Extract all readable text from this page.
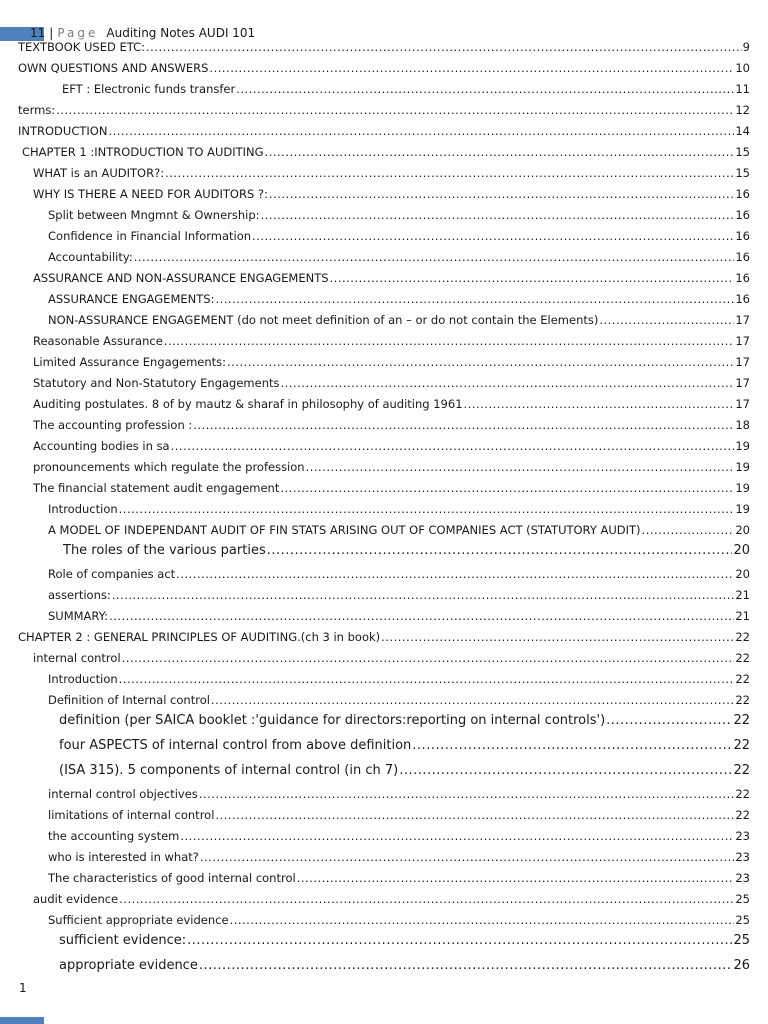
11 | Page Auditing Notes AUDI 101
TEXTBOOK USED ETC: .....	9
OWN QUESTIONS AND ANSWERS .....	10
EFT : Electronic funds transfer .....	11
terms: .....	12
INTRODUCTION .....	14
CHAPTER 1 :INTRODUCTION TO AUDITING .....	15
WHAT is an AUDITOR?: .....	15
WHY IS THERE A NEED FOR AUDITORS ?: .....	16
Split between Mngmnt & Ownership: .....	16
Confidence in Financial Information .....	16
Accountability: .....	16
ASSURANCE AND NON-ASSURANCE ENGAGEMENTS .....	16
ASSURANCE ENGAGEMENTS: .....	16
NON-ASSURANCE ENGAGEMENT (do not meet definition of an – or do not contain the Elements) .....	17
Reasonable Assurance .....	17
Limited Assurance Engagements: .....	17
Statutory and Non-Statutory Engagements .....	17
Auditing postulates. 8 of by mautz & sharaf in philosophy of auditing 1961 .....	17
The accounting profession : .....	18
Accounting bodies in sa .....	19
pronouncements which regulate the profession .....	19
The financial statement audit engagement .....	19
Introduction .....	19
A MODEL OF INDEPENDANT AUDIT OF FIN STATS ARISING OUT OF COMPANIES ACT (STATUTORY AUDIT) .....	20
The roles of the various parties .....	20
Role of companies act .....	20
assertions: .....	21
SUMMARY: .....	21
CHAPTER 2 : GENERAL PRINCIPLES OF AUDITING.(ch 3 in book) .....	22
internal control .....	22
Introduction .....	22
Definition of Internal control .....	22
definition (per SAICA booklet :'guidance for directors:reporting on internal controls') .....	22
four ASPECTS of internal control from above definition .....	22
(ISA 315). 5 components of internal control (in ch 7) .....	22
internal control objectives .....	22
limitations of internal control .....	22
the accounting system .....	23
who is interested in what? .....	23
The characteristics of good internal control .....	23
audit evidence .....	25
Sufficient appropriate evidence .....	25
sufficient evidence: .....	25
appropriate evidence .....	26
1
